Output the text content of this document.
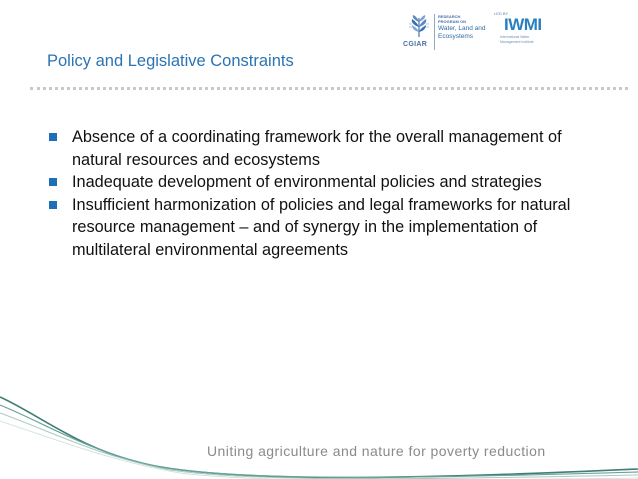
CGIAR
RESEARCH
PROGRAM ON
Water, Land and Ecosystems
LED BY
IWMI
International Water Management Institute
Policy and Legislative Constraints
Absence of a coordinating framework for the overall management of natural resources and ecosystems
Inadequate development of environmental policies and strategies
Insufficient harmonization of policies and legal frameworks for natural resource management – and of synergy in the implementation of multilateral environmental agreements
Uniting agriculture and nature for poverty reduction
